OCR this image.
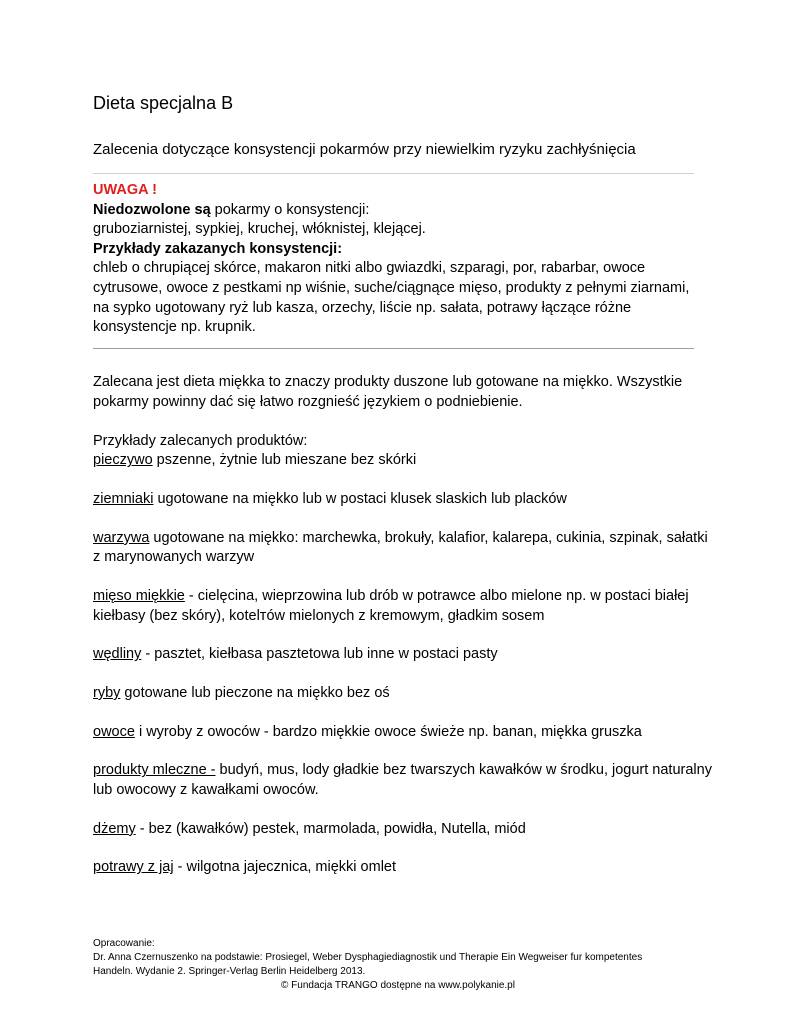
Dieta specjalna B
Zalecenia dotyczące konsystencji pokarmów przy niewielkim ryzyku zachłyśnięcia
UWAGA !
Niedozwolone są pokarmy o konsystencji:
gruboziarnistej, sypkiej, kruchej, włóknistej, klejącej.
Przykłady zakazanych konsystencji:
chleb o chrupiącej skórce, makaron nitki albo gwiazdki, szparagi, por, rabarbar, owoce
cytrusowe, owoce z pestkami np wiśnie, suche/ciągnące mięso, produkty z pełnymi ziarnami,
na sypko ugotowany ryż lub kasza, orzechy, liście np. sałata, potrawy łączące różne
konsystencje np. krupnik.

Zalecana jest dieta miękka to znaczy produkty duszone lub gotowane na miękko. Wszystkie
pokarmy powinny dać się łatwo rozgnieść językiem o podniebienie.

Przykłady zalecanych produktów:

pieczywo pszenne, żytnie lub mieszane bez skórki

ziemniaki ugotowane na miękko lub w postaci klusek slaskich lub placków

warzywa ugotowane na miękko: marchewka, brokuły, kalafior, kalarepa, cukinia, szpinak, sałatki
z marynowanych warzyw

mięso miękkie - cielęcina, wieprzowina lub drób w potrawce albo mielone np. w postaci białej
kiełbasy (bez skóry), kotelтów mielonych z kremowym, gładkim sosem

wędliny - pasztet, kiełbasa pasztetowa lub inne w postaci pasty

ryby gotowane lub pieczone na miękko bez oś

owoce i wyroby z owoców - bardzo miękkie owoce świeże np. banan, miękka gruszka

produkty mleczne - budyń, mus, lody gładkie bez twarszych kawałków w środku, jogurt naturalny
lub owocowy z kawałkami owoców.

dżemy - bez (kawałków) pestek, marmolada, powidła, Nutella, miód

potrawy z jaj - wilgotna jajecznica, miękki omlet

Opracowanie:
Dr. Anna Czernuszenko na podstawie: Prosiegel, Weber Dysphagiediagnostik und Therapie Ein Wegweiser fur kompetentes
Handeln. Wydanie 2. Springer-Verlag Berlin Heidelberg 2013.
© Fundacja TRANGO dostępne na www.polykanie.pl
